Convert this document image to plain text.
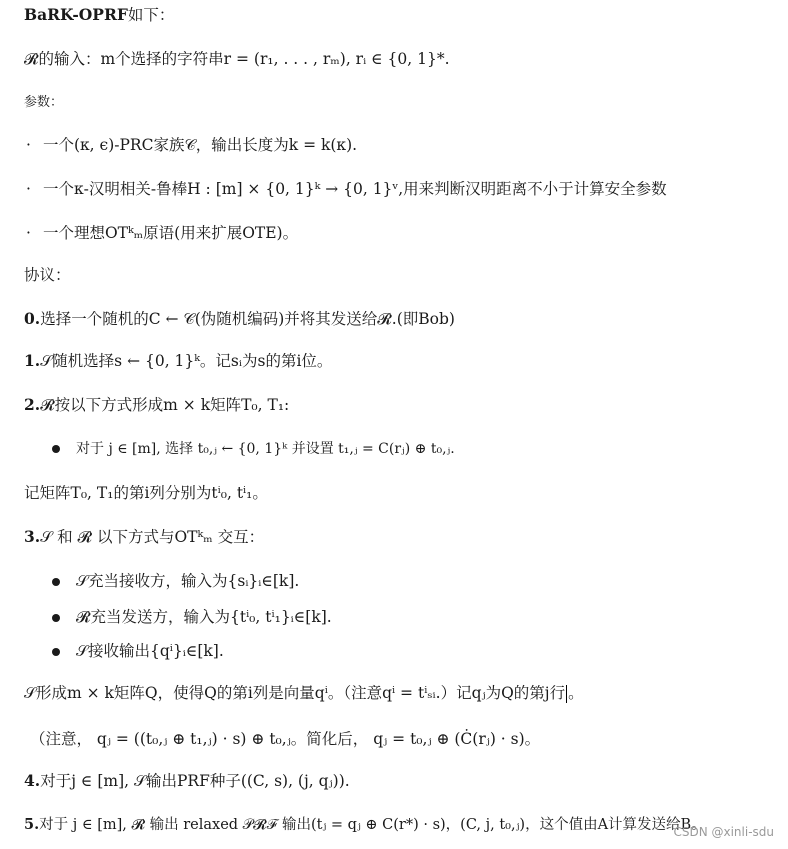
BaRK-OPRF如下：
𝓡的输入：m个选择的字符串r = (r₁, . . . , rₘ), rᵢ ∈ {0, 1}*.
参数：
· 一个(κ, ϵ)-PRC家族𝒞，输出长度为k = k(κ).
· 一个κ-汉明相关-鲁棒H : [m] × {0, 1}ᵏ → {0, 1}ᵛ,用来判断汉明距离不小于计算安全参数
· 一个理想OTᵏₘ原语(用来扩展OTE)。
协议：
0.选择一个随机的C ← 𝒞(伪随机编码)并将其发送给𝓡.(即Bob)
1.𝒮随机选择s ← {0, 1}ᵏ。记sᵢ为s的第i位。
2.𝓡按以下方式形成m × k矩阵T₀, T₁:
对于 j ∈ [m], 选择 t₀,ⱼ ← {0, 1}ᵏ 并设置 t₁,ⱼ = C(rⱼ) ⊕ t₀,ⱼ.
记矩阵T₀, T₁的第i列分别为tⁱ₀, tⁱ₁。
3.𝒮 和 𝓡 以下方式与OTᵏₘ 交互：
𝒮充当接收方，输入为{sᵢ}ᵢ∈[k].
𝓡充当发送方，输入为{tⁱ₀, tⁱ₁}ᵢ∈[k].
𝒮接收输出{qⁱ}ᵢ∈[k].
𝒮形成m × k矩阵Q，使得Q的第i列是向量qⁱ。（注意qⁱ = tⁱₛᵢ.）记qⱼ为Q的第j行 。
（注意， qⱼ = ((t₀,ⱼ ⊕ t₁,ⱼ) · s) ⊕ t₀,ⱼ。简化后， qⱼ = t₀,ⱼ ⊕ (Ċ(rⱼ) · s)。
4.对于j ∈ [m], 𝒮输出PRF种子((C, s), (j, qⱼ)).
5.对于 j ∈ [m], 𝓡 输出 relaxed 𝒫𝓡ℱ 输出(tⱼ = qⱼ ⊕ C(r*) · s)，(C, j, t₀,ⱼ)，这个值由A计算发送给B。
CSDN @xinli-sdu
